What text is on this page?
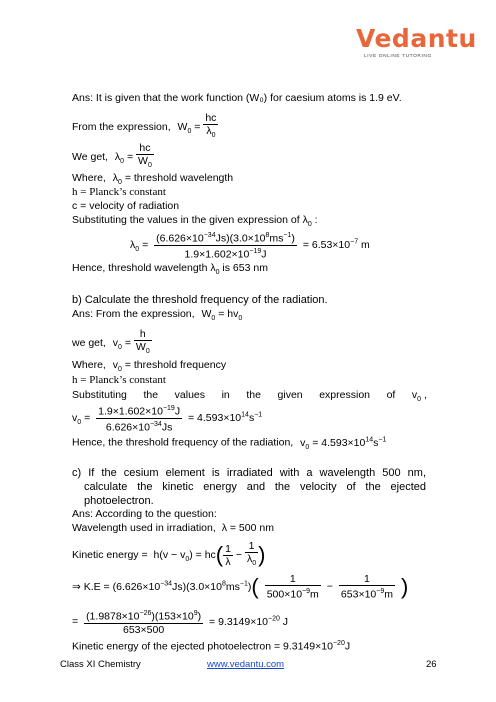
Vedantu
LIVE ONLINE TUTORING
Ans: It is given that the work function (W₀) for caesium atoms is 1.9 eV.
From the expression, $W_0 = \frac{hc}{\lambda_0}$
We get, $\lambda_0 = \frac{hc}{W_0}$
Where, $\lambda_0$ = threshold wavelength
h = Planck’s constant
c = velocity of radiation
Substituting the values in the given expression of $\lambda_0$ :
$\lambda_0 = \frac{(6.626\times 10^{-34}Js)(3.0\times 10^8ms^{-1})}{1.9\times 1.602\times 10^{-19}J} = 6.53\times 10^{-7}$ m
Hence, threshold wavelength $\lambda_0$ is 653 nm
b) Calculate the threshold frequency of the radiation.
Ans: From the expression, $W_0 = hv_0$
we get, $v_0 = \frac{h}{W_0}$
Where, $v_0$ = threshold frequency
h = Planck’s constant
Substituting the values in the given expression of $v_0$ ,
$v_0 = \frac{1.9\times 1.602\times 10^{-19}J}{6.626\times 10^{-34}Js} = 4.593\times 10^{14}s^{-1}$
Hence, the threshold frequency of the radiation, $v_0 = 4.593\times 10^{14}s^{-1}$
c) If the cesium element is irradiated with a wavelength 500 nm, calculate the kinetic energy and the velocity of the ejected photoelectron.
Ans: According to the question:
Wavelength used in irradiation, λ = 500 nm
Kinetic energy = $h(v - v_0) = hc( \frac{1}{\lambda} - \frac{1}{\lambda_0}$ )
⇒ $K.E = (6.626\times 10^{-34}Js)(3.0\times 10^8ms^{-1})( \frac{1}{500\times 10^{-9}m} - \frac{1}{653\times 10^{-9}m}$ )
= $\frac{(1.9878\times 10^{-26})(153\times 10^9)}{653\times 500} = 9.3149\times 10^{-20}$ J
Kinetic energy of the ejected photoelectron = $9.3149\times 10^{-20}J$
Class XI Chemistry	www.vedantu.com	26
